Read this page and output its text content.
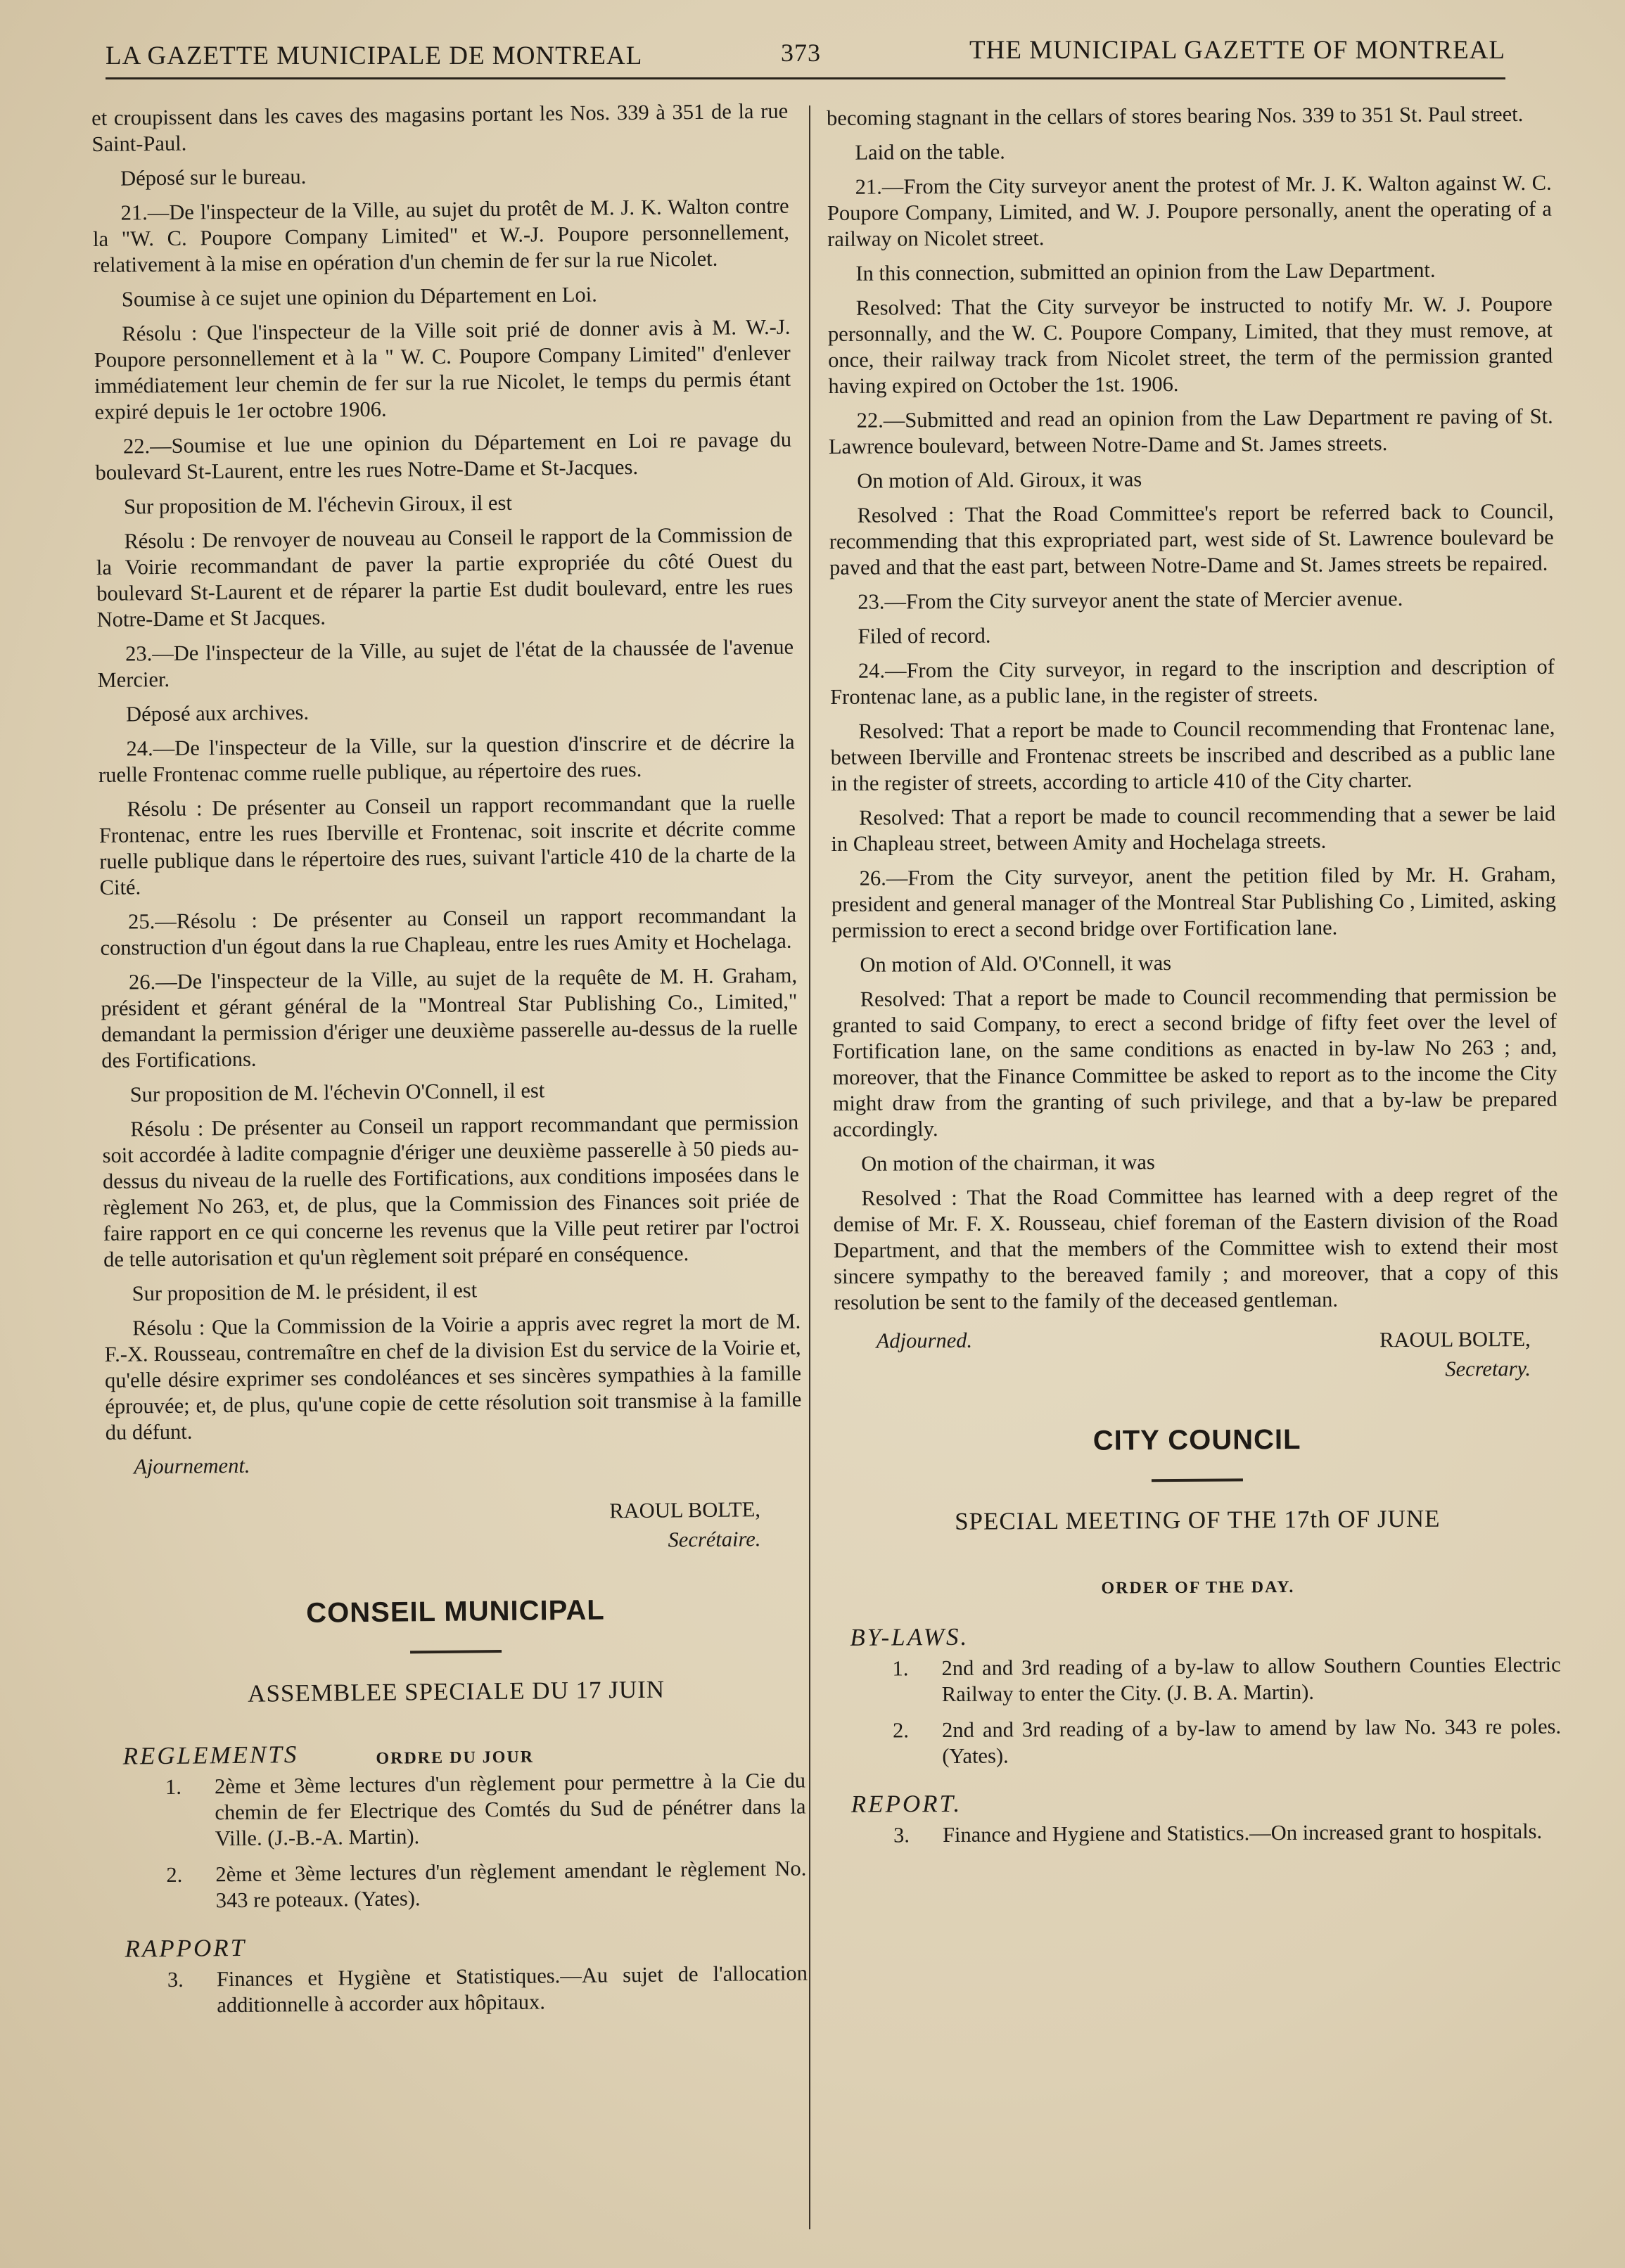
LA GAZETTE MUNICIPALE DE MONTREAL	373	THE MUNICIPAL GAZETTE OF MONTREAL

et croupissent dans les caves des magasins portant les Nos. 339 à 351 de la rue Saint-Paul.

Déposé sur le bureau.

21.—De l'inspecteur de la Ville, au sujet du protêt de M. J. K. Walton contre la "W. C. Poupore Company Limited" et W.-J. Poupore personnellement, relativement à la mise en opération d'un chemin de fer sur la rue Nicolet.

Soumise à ce sujet une opinion du Département en Loi.

Résolu : Que l'inspecteur de la Ville soit prié de donner avis à M. W.-J. Poupore personnellement et à la " W. C. Poupore Company Limited" d'enlever immédiatement leur chemin de fer sur la rue Nicolet, le temps du permis étant expiré depuis le 1er octobre 1906.

22.—Soumise et lue une opinion du Département en Loi re pavage du boulevard St-Laurent, entre les rues Notre-Dame et St-Jacques.

Sur proposition de M. l'échevin Giroux, il est

Résolu : De renvoyer de nouveau au Conseil le rapport de la Commission de la Voirie recommandant de paver la partie expropriée du côté Ouest du boulevard St-Laurent et de réparer la partie Est dudit boulevard, entre les rues Notre-Dame et St Jacques.

23.—De l'inspecteur de la Ville, au sujet de l'état de la chaussée de l'avenue Mercier.

Déposé aux archives.

24.—De l'inspecteur de la Ville, sur la question d'inscrire et de décrire la ruelle Frontenac comme ruelle publique, au répertoire des rues.

Résolu : De présenter au Conseil un rapport recommandant que la ruelle Frontenac, entre les rues Iberville et Frontenac, soit inscrite et décrite comme ruelle publique dans le répertoire des rues, suivant l'article 410 de la charte de la Cité.

25.—Résolu : De présenter au Conseil un rapport recommandant la construction d'un égout dans la rue Chapleau, entre les rues Amity et Hochelaga.

26.—De l'inspecteur de la Ville, au sujet de la requête de M. H. Graham, président et gérant général de la "Montreal Star Publishing Co., Limited," demandant la permission d'ériger une deuxième passerelle au-dessus de la ruelle des Fortifications.

Sur proposition de M. l'échevin O'Connell, il est

Résolu : De présenter au Conseil un rapport recommandant que permission soit accordée à ladite compagnie d'ériger une deuxième passerelle à 50 pieds au-dessus du niveau de la ruelle des Fortifications, aux conditions imposées dans le règlement No 263, et, de plus, que la Commission des Finances soit priée de faire rapport en ce qui concerne les revenus que la Ville peut retirer par l'octroi de telle autorisation et qu'un règlement soit préparé en conséquence.

Sur proposition de M. le président, il est

Résolu : Que la Commission de la Voirie a appris avec regret la mort de M. F.-X. Rousseau, contremaître en chef de la division Est du service de la Voirie et, qu'elle désire exprimer ses condoléances et ses sincères sympathies à la famille éprouvée; et, de plus, qu'une copie de cette résolution soit transmise à la famille du défunt.

Ajournement.

RAOUL BOLTE,
Secrétaire.
CONSEIL MUNICIPAL
ASSEMBLEE SPECIALE DU 17 JUIN
REGLEMENTS	ORDRE DU JOUR
1. 2ème et 3ème lectures d'un règlement pour permettre à la Cie du chemin de fer Electrique des Comtés du Sud de pénétrer dans la Ville. (J.-B.-A. Martin).
2. 2ème et 3ème lectures d'un règlement amendant le règlement No. 343 re poteaux. (Yates).
RAPPORT
3. Finances et Hygiène et Statistiques.—Au sujet de l'allocation additionnelle à accorder aux hôpitaux.

becoming stagnant in the cellars of stores bearing Nos. 339 to 351 St. Paul street.

Laid on the table.

21.—From the City surveyor anent the protest of Mr. J. K. Walton against W. C. Poupore Company, Limited, and W. J. Poupore personally, anent the operating of a railway on Nicolet street.

In this connection, submitted an opinion from the Law Department.

Resolved: That the City surveyor be instructed to notify Mr. W. J. Poupore personnally, and the W. C. Poupore Company, Limited, that they must remove, at once, their railway track from Nicolet street, the term of the permission granted having expired on October the 1st. 1906.

22.—Submitted and read an opinion from the Law Department re paving of St. Lawrence boulevard, between Notre-Dame and St. James streets.

On motion of Ald. Giroux, it was

Resolved : That the Road Committee's report be referred back to Council, recommending that this expropriated part, west side of St. Lawrence boulevard be paved and that the east part, between Notre-Dame and St. James streets be repaired.

23.—From the City surveyor anent the state of Mercier avenue.

Filed of record.

24.—From the City surveyor, in regard to the inscription and description of Frontenac lane, as a public lane, in the register of streets.

Resolved: That a report be made to Council recommending that Frontenac lane, between Iberville and Frontenac streets be inscribed and described as a public lane in the register of streets, according to article 410 of the City charter.

Resolved: That a report be made to council recommending that a sewer be laid in Chapleau street, between Amity and Hochelaga streets.

26.—From the City surveyor, anent the petition filed by Mr. H. Graham, president and general manager of the Montreal Star Publishing Co , Limited, asking permission to erect a second bridge over Fortification lane.

On motion of Ald. O'Connell, it was

Resolved: That a report be made to Council recommending that permission be granted to said Company, to erect a second bridge of fifty feet over the level of Fortification lane, on the same conditions as enacted in by-law No 263 ; and, moreover, that the Finance Committee be asked to report as to the income the City might draw from the granting of such privilege, and that a by-law be prepared accordingly.

On motion of the chairman, it was

Resolved : That the Road Committee has learned with a deep regret of the demise of Mr. F. X. Rousseau, chief foreman of the Eastern division of the Road Department, and that the members of the Committee wish to extend their most sincere sympathy to the bereaved family ; and moreover, that a copy of this resolution be sent to the family of the deceased gentleman.

Adjourned.	RAOUL BOLTE,
Secretary.
CITY COUNCIL
SPECIAL MEETING OF THE 17th OF JUNE
ORDER OF THE DAY.
BY-LAWS.
1. 2nd and 3rd reading of a by-law to allow Southern Counties Electric Railway to enter the City. (J. B. A. Martin).
2. 2nd and 3rd reading of a by-law to amend by law No. 343 re poles. (Yates).
REPORT.
3. Finance and Hygiene and Statistics.—On increased grant to hospitals.
